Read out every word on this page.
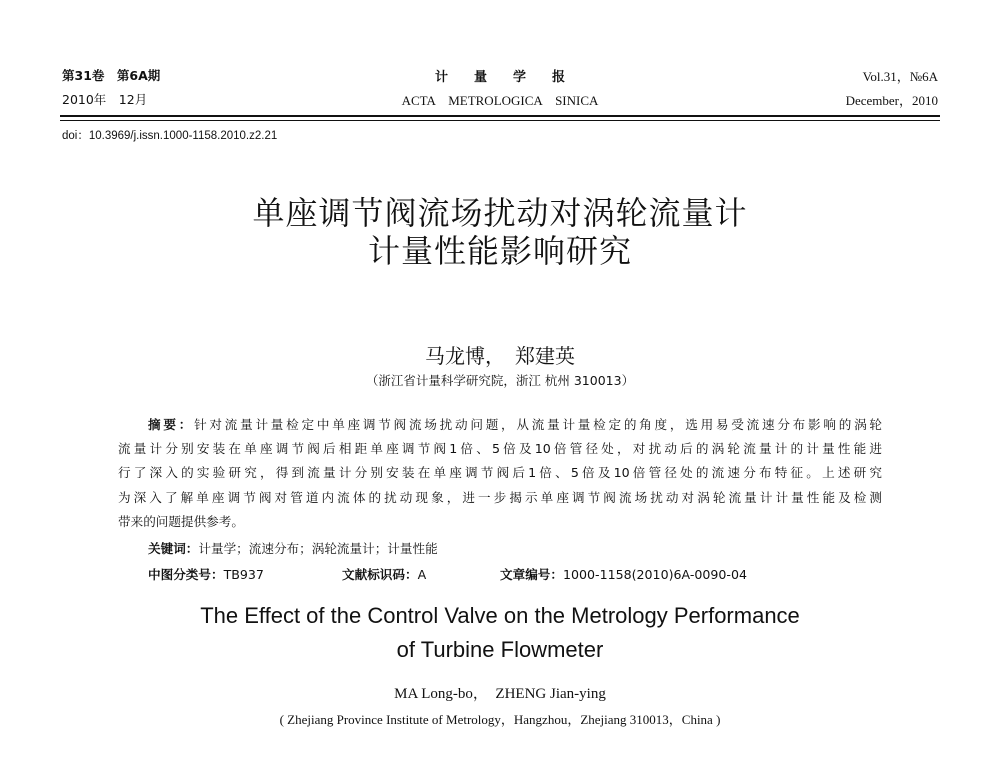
第31卷　第6A期
2010年　12月
计　　量　　学　　报
ACTA　METROLOGICA　SINICA
Vol.31，№6A
December，2010
doi：10.3969/j.issn.1000-1158.2010.z2.21
单座调节阀流场扰动对涡轮流量计
计量性能影响研究
马龙博，　郑建英
（浙江省计量科学研究院，浙江 杭州 310013）
摘要：针对流量计量检定中单座调节阀流场扰动问题，从流量计量检定的角度，选用易受流速分布影响的涡轮
流量计分别安装在单座调节阀后相距单座调节阀1倍、5倍及10倍管径处，对扰动后的涡轮流量计的计量性能进
行了深入的实验研究，得到流量计分别安装在单座调节阀后1倍、5倍及10倍管径处的流速分布特征。上述研究
为深入了解单座调节阀对管道内流体的扰动现象，进一步揭示单座调节阀流场扰动对涡轮流量计计量性能及检测
带来的问题提供参考。
关键词：计量学；流速分布；涡轮流量计；计量性能
中图分类号：TB937	文献标识码：A	文章编号：1000-1158(2010)6A-0090-04
The Effect of the Control Valve on the Metrology Performance
of Turbine Flowmeter
MA Long-bo，　ZHENG Jian-ying
( Zhejiang Province Institute of Metrology，Hangzhou，Zhejiang 310013，China )
